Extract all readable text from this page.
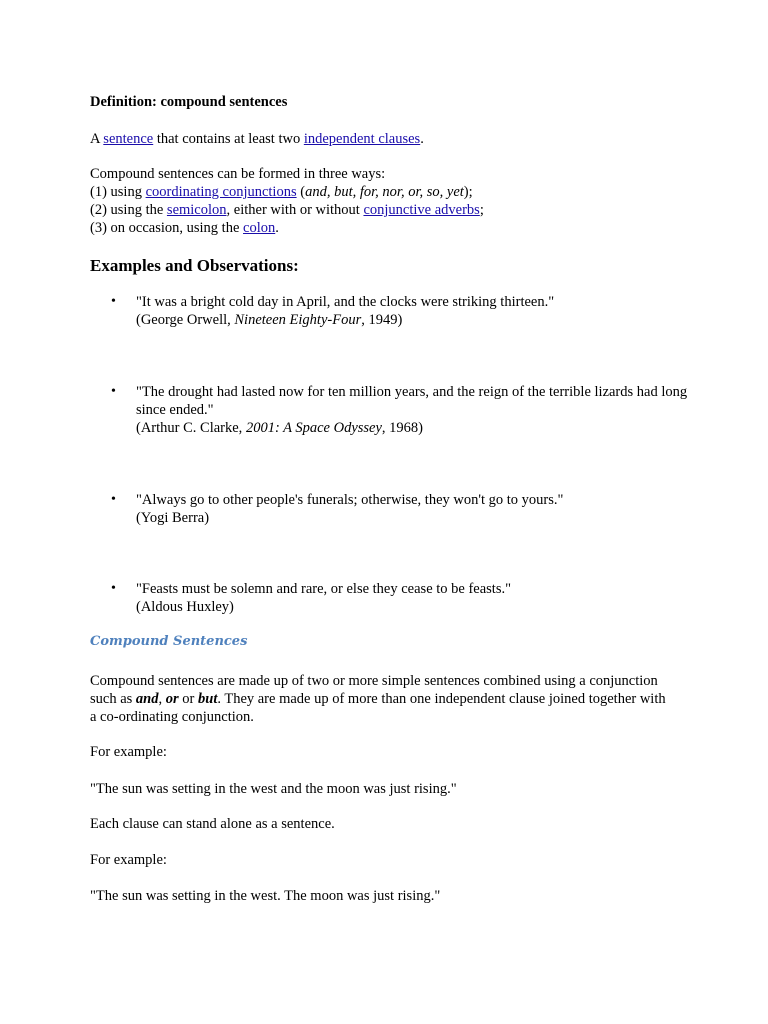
Definition: compound sentences

A sentence that contains at least two independent clauses.

Compound sentences can be formed in three ways:
(1) using coordinating conjunctions (and, but, for, nor, or, so, yet);
(2) using the semicolon, either with or without conjunctive adverbs;
(3) on occasion, using the colon.

Examples and Observations:

• "It was a bright cold day in April, and the clocks were striking thirteen."
(George Orwell, Nineteen Eighty-Four, 1949)
• "The drought had lasted now for ten million years, and the reign of the terrible lizards had long since ended."
(Arthur C. Clarke, 2001: A Space Odyssey, 1968)
• "Always go to other people's funerals; otherwise, they won't go to yours."
(Yogi Berra)
• "Feasts must be solemn and rare, or else they cease to be feasts."
(Aldous Huxley)

Compound Sentences

Compound sentences are made up of two or more simple sentences combined using a conjunction such as and, or or but. They are made up of more than one independent clause joined together with a co-ordinating conjunction.

For example:

"The sun was setting in the west and the moon was just rising."

Each clause can stand alone as a sentence.

For example:

"The sun was setting in the west. The moon was just rising."
